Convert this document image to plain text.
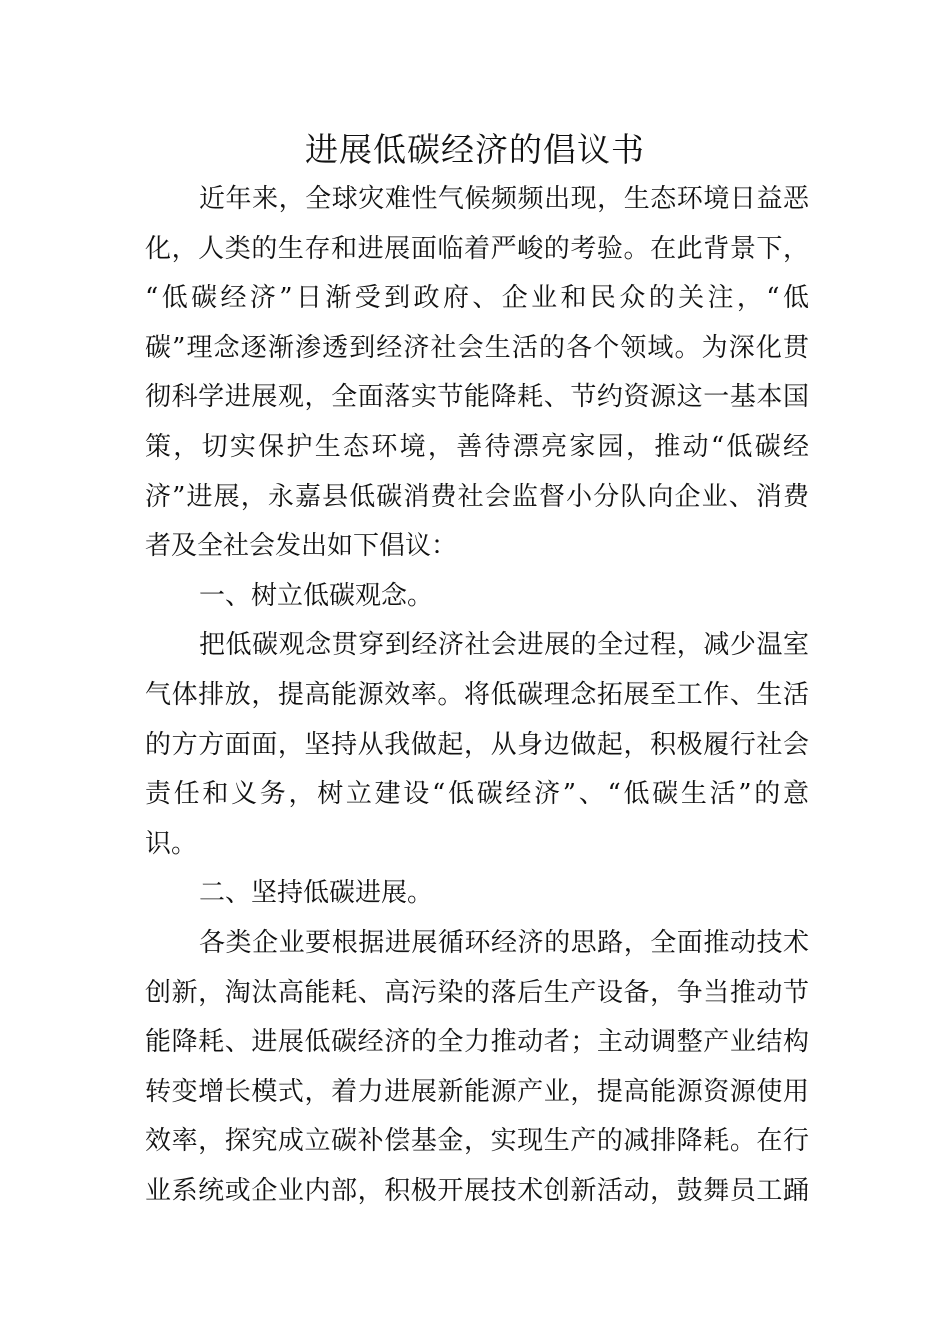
进展低碳经济的倡议书
近年来，全球灾难性气候频频出现，生态环境日益恶
化，人类的生存和进展面临着严峻的考验。在此背景下，
“低碳经济”日渐受到政府、企业和民众的关注，“低
碳”理念逐渐渗透到经济社会生活的各个领域。为深化贯
彻科学进展观，全面落实节能降耗、节约资源这一基本国
策，切实保护生态环境，善待漂亮家园，推动“低碳经
济”进展，永嘉县低碳消费社会监督小分队向企业、消费
者及全社会发出如下倡议：
一、树立低碳观念。
把低碳观念贯穿到经济社会进展的全过程，减少温室
气体排放，提高能源效率。将低碳理念拓展至工作、生活
的方方面面，坚持从我做起，从身边做起，积极履行社会
责任和义务，树立建设“低碳经济”、“低碳生活”的意
识。
二、坚持低碳进展。
各类企业要根据进展循环经济的思路，全面推动技术
创新，淘汰高能耗、高污染的落后生产设备，争当推动节
能降耗、进展低碳经济的全力推动者；主动调整产业结构
转变增长模式，着力进展新能源产业，提高能源资源使用
效率，探究成立碳补偿基金，实现生产的减排降耗。在行
业系统或企业内部，积极开展技术创新活动，鼓舞员工踊
